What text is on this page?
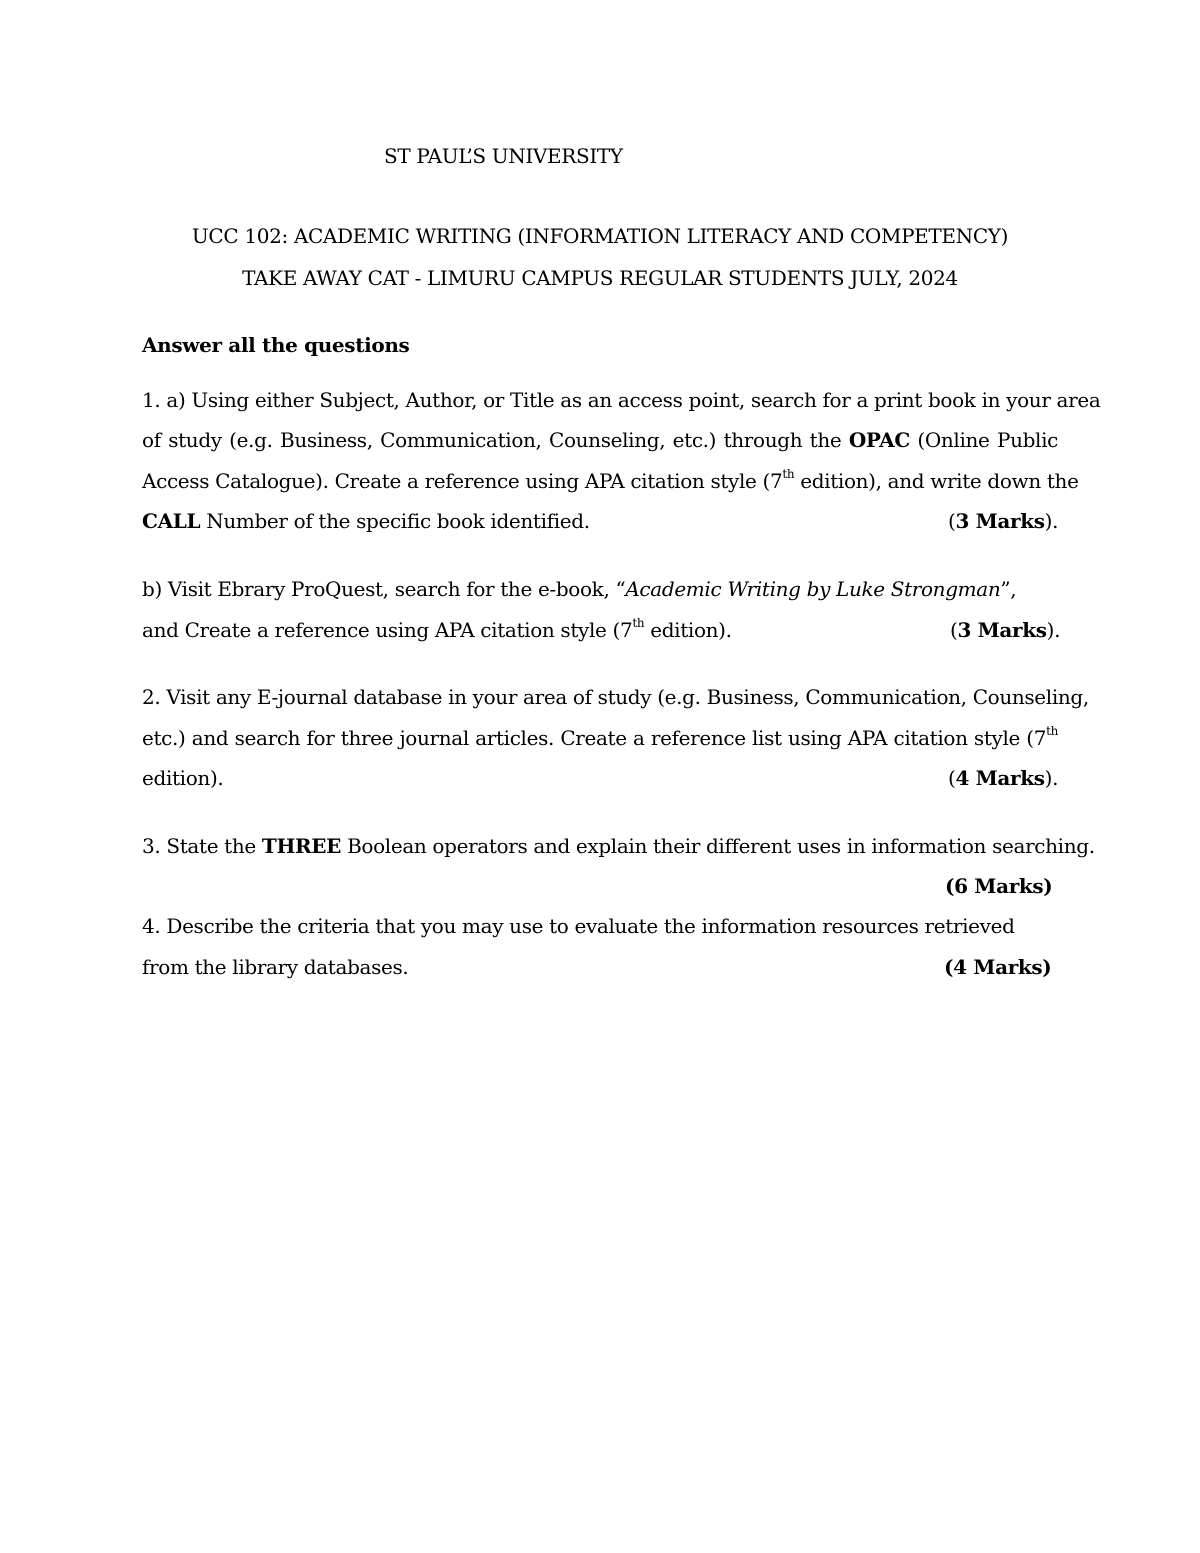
ST PAUL’S UNIVERSITY
UCC 102: ACADEMIC WRITING (INFORMATION LITERACY AND COMPETENCY)
TAKE AWAY CAT - LIMURU CAMPUS REGULAR STUDENTS JULY, 2024
Answer all the questions
1. a) Using either Subject, Author, or Title as an access point, search for a print book in your area
of study (e.g. Business, Communication, Counseling, etc.) through the OPAC (Online Public
Access Catalogue). Create a reference using APA citation style (7th edition), and write down the
CALL Number of the specific book identified.	(3 Marks).
b) Visit Ebrary ProQuest, search for the e-book, “Academic Writing by Luke Strongman”,
and Create a reference using APA citation style (7th edition).	(3 Marks).
2. Visit any E-journal database in your area of study (e.g. Business, Communication, Counseling,
etc.) and search for three journal articles. Create a reference list using APA citation style (7th
edition).	(4 Marks).
3. State the THREE Boolean operators and explain their different uses in information searching.
(6 Marks)
4. Describe the criteria that you may use to evaluate the information resources retrieved
from the library databases.	(4 Marks)
